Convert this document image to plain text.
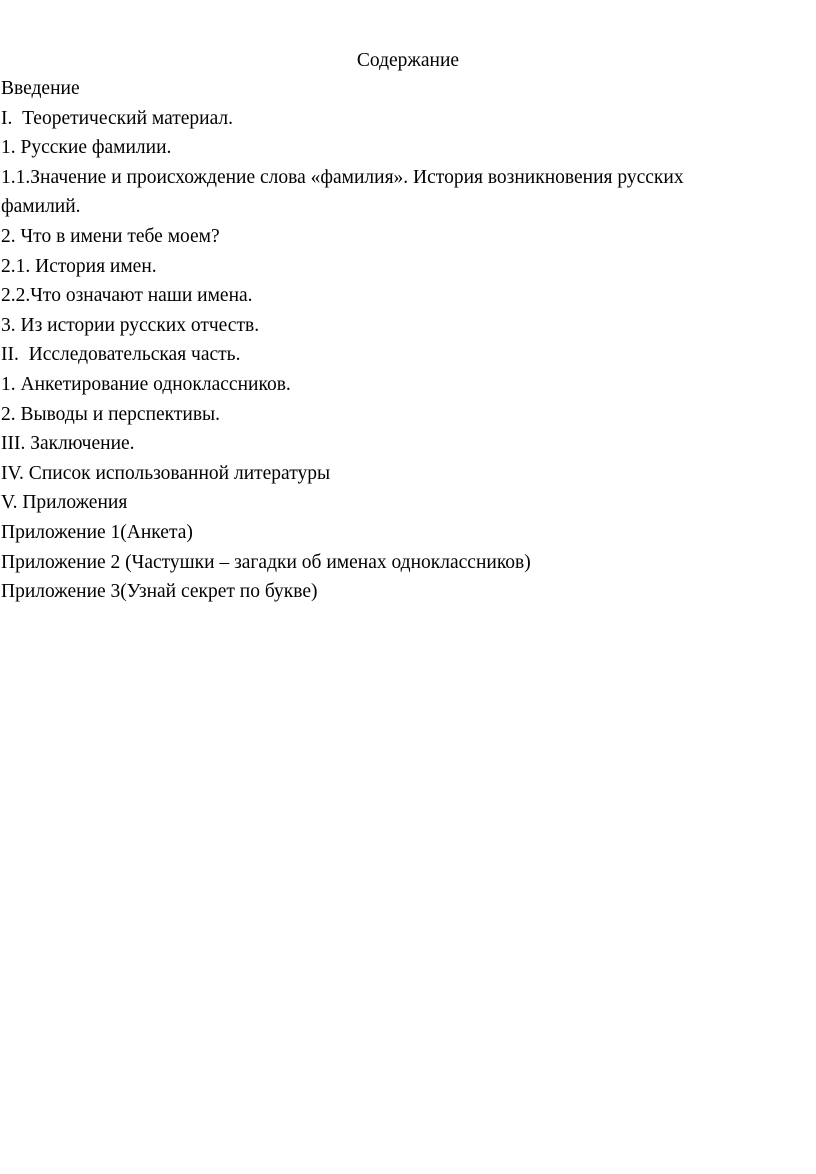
Содержание
Введение
I.  Теоретический материал.
1. Русские фамилии.
1.1.Значение и происхождение слова «фамилия». История возникновения русских
фамилий.
2. Что в имени тебе моем?
2.1. История имен.
2.2.Что означают наши имена.
3. Из истории русских отчеств.
II.  Исследовательская часть.
1. Анкетирование одноклассников.
2. Выводы и перспективы.
III. Заключение.
IV. Список использованной литературы
V. Приложения
Приложение 1(Анкета)
Приложение 2 (Частушки – загадки об именах одноклассников)
Приложение 3(Узнай секрет по букве)
